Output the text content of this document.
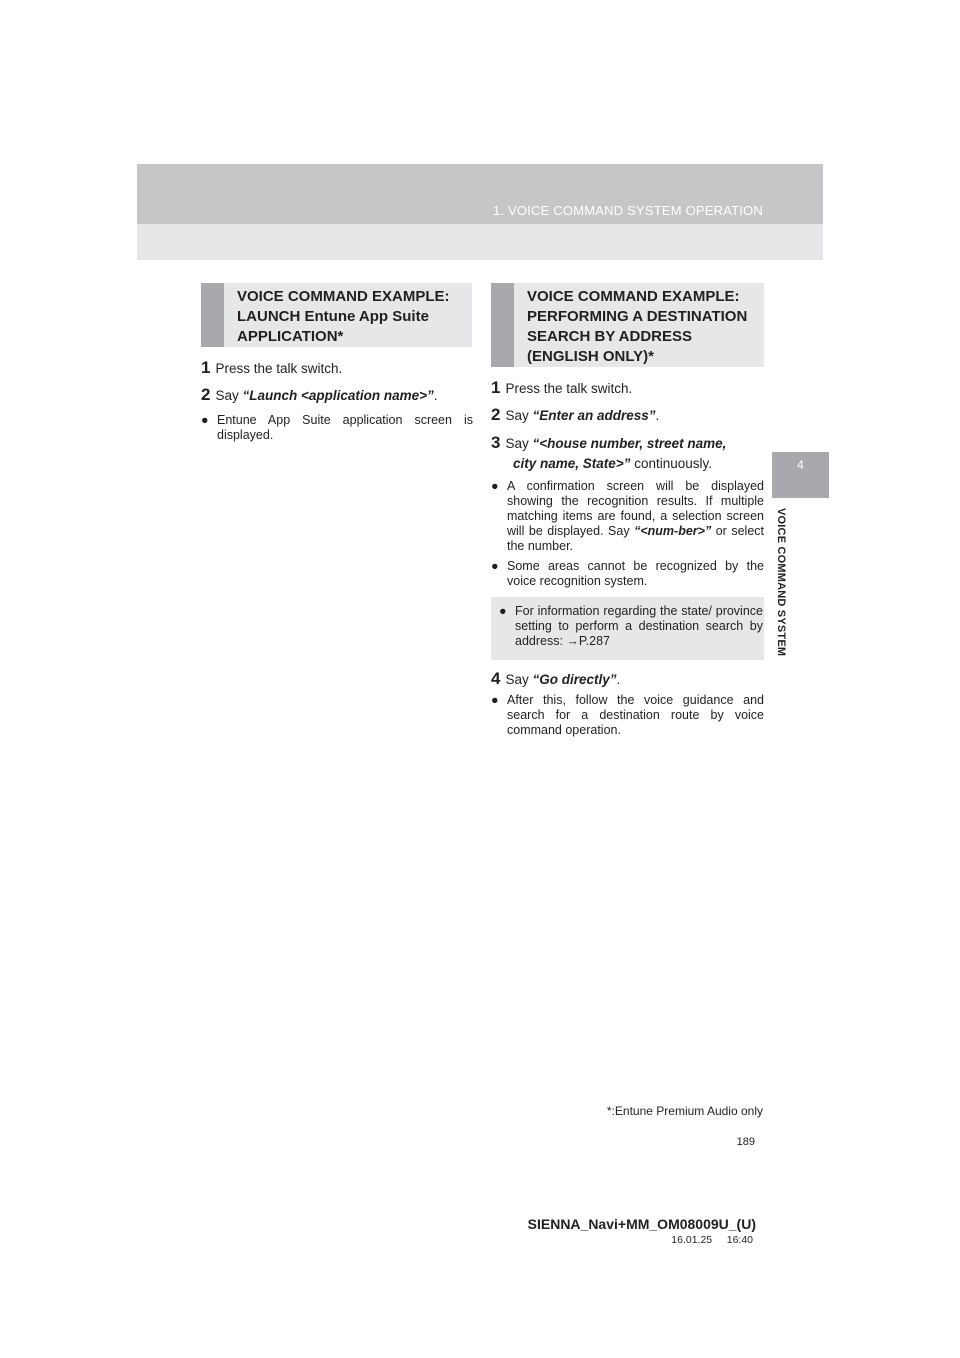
1. VOICE COMMAND SYSTEM OPERATION
4
VOICE COMMAND SYSTEM
VOICE COMMAND EXAMPLE: LAUNCH Entune App Suite APPLICATION*
1 Press the talk switch.
2 Say “Launch <application name>”.
● Entune App Suite application screen is displayed.
VOICE COMMAND EXAMPLE: PERFORMING A DESTINATION SEARCH BY ADDRESS (ENGLISH ONLY)*
1 Press the talk switch.
2 Say “Enter an address”.
3 Say “<house number, street name,
city name, State>” continuously.
● A confirmation screen will be displayed showing the recognition results. If multiple matching items are found, a selection screen will be displayed. Say “<num-ber>” or select the number.
● Some areas cannot be recognized by the voice recognition system.
● For information regarding the state/ province setting to perform a destination search by address: →P.287
4 Say “Go directly”.
● After this, follow the voice guidance and search for a destination route by voice command operation.
*:Entune Premium Audio only
189
SIENNA_Navi+MM_OM08009U_(U)
16.01.25     16:40
